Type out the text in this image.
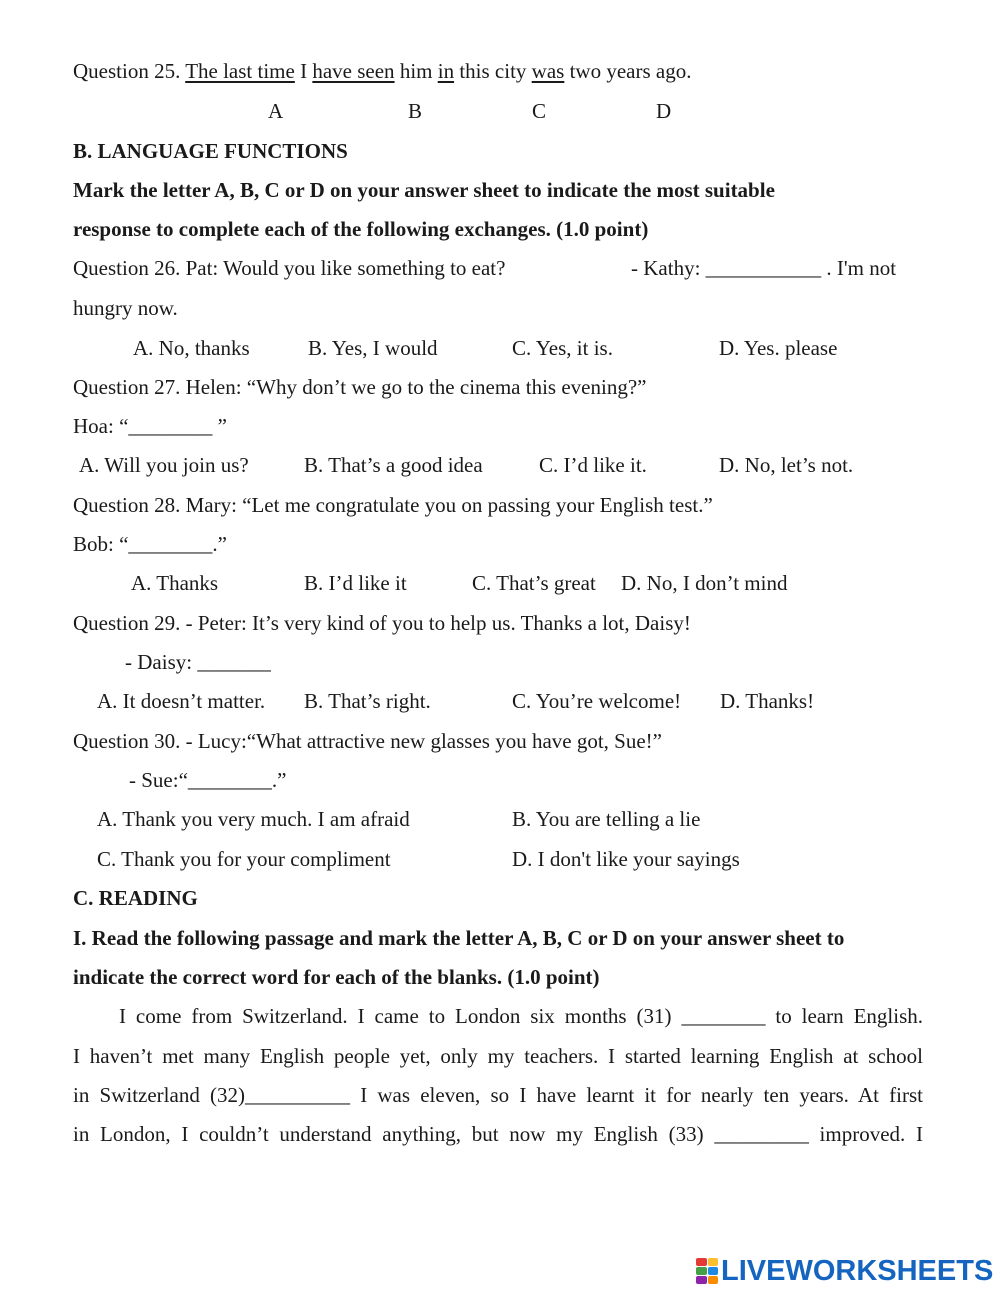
Question 25. The last time I have seen him in this city was two years ago.
A	B	C	D
B. LANGUAGE FUNCTIONS
Mark the letter A, B, C or D on your answer sheet to indicate the most suitable
response to complete each of the following exchanges. (1.0 point)
Question 26. Pat: Would you like something to eat?	- Kathy: ___________ . I'm not
hungry now.
A. No, thanks	B. Yes, I would	C. Yes, it is.	D. Yes. please
Question 27. Helen: “Why don’t we go to the cinema this evening?”
Hoa: “________ ”
A. Will you join us?	B. That’s a good idea	C. I’d like it.	D. No, let’s not.
Question 28. Mary: “Let me congratulate you on passing your English test.”
Bob: “________.”
A. Thanks	B. I’d like it	C. That’s great D. No, I don’t mind
Question 29. - Peter: It’s very kind of you to help us. Thanks a lot, Daisy!
- Daisy: _______
A. It doesn’t matter. B. That’s right.	C. You’re welcome! D. Thanks!
Question 30. - Lucy:“What attractive new glasses you have got, Sue!”
- Sue:“________.”
A. Thank you very much. I am afraid	B. You are telling a lie
C. Thank you for your compliment	D. I don't like your sayings
C. READING
I. Read the following passage and mark the letter A, B, C or D on your answer sheet to
indicate the correct word for each of the blanks. (1.0 point)
I come from Switzerland. I came to London six months (31) ________ to learn English.
I haven’t met many English people yet, only my teachers. I started learning English at school
in Switzerland (32)__________ I was eleven, so I have learnt it for nearly ten years. At first
in London, I couldn’t understand anything, but now my English (33) _________ improved. I
LIVEWORKSHEETS
